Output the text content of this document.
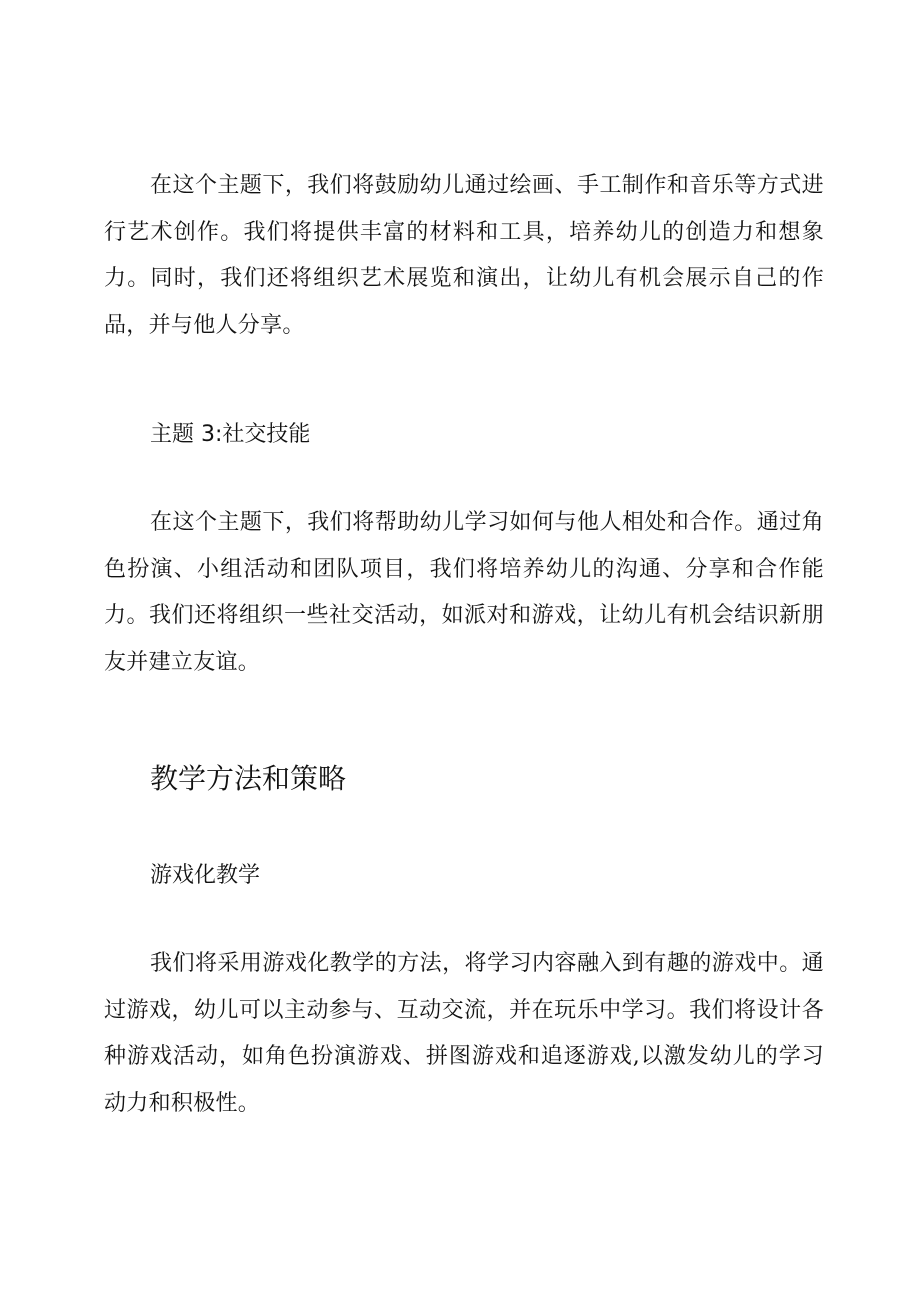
在这个主题下，我们将鼓励幼儿通过绘画、手工制作和音乐等方式进行艺术创作。我们将提供丰富的材料和工具，培养幼儿的创造力和想象力。同时，我们还将组织艺术展览和演出，让幼儿有机会展示自己的作品，并与他人分享。

主题 3:社交技能

在这个主题下，我们将帮助幼儿学习如何与他人相处和合作。通过角色扮演、小组活动和团队项目，我们将培养幼儿的沟通、分享和合作能力。我们还将组织一些社交活动，如派对和游戏，让幼儿有机会结识新朋友并建立友谊。

教学方法和策略
游戏化教学

我们将采用游戏化教学的方法，将学习内容融入到有趣的游戏中。通过游戏，幼儿可以主动参与、互动交流，并在玩乐中学习。我们将设计各种游戏活动，如角色扮演游戏、拼图游戏和追逐游戏,以激发幼儿的学习动力和积极性。
